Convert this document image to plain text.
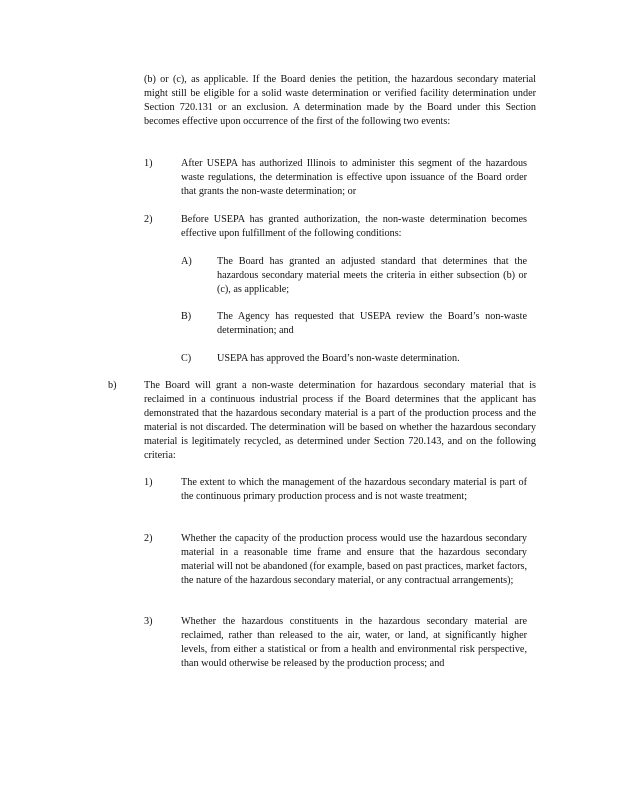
(b) or (c), as applicable. If the Board denies the petition, the hazardous secondary material might still be eligible for a solid waste determination or verified facility determination under Section 720.131 or an exclusion. A determination made by the Board under this Section becomes effective upon occurrence of the first of the following two events:
1)	After USEPA has authorized Illinois to administer this segment of the hazardous waste regulations, the determination is effective upon issuance of the Board order that grants the non-waste determination; or
2)	Before USEPA has granted authorization, the non-waste determination becomes effective upon fulfillment of the following conditions:
A) The Board has granted an adjusted standard that determines that the hazardous secondary material meets the criteria in either subsection (b) or (c), as applicable;
B)	The Agency has requested that USEPA review the Board’s non-waste determination; and
C)	USEPA has approved the Board’s non-waste determination.
b)	The Board will grant a non-waste determination for hazardous secondary material that is reclaimed in a continuous industrial process if the Board determines that the applicant has demonstrated that the hazardous secondary material is a part of the production process and the material is not discarded. The determination will be based on whether the hazardous secondary material is legitimately recycled, as determined under Section 720.143, and on the following criteria:
1)	The extent to which the management of the hazardous secondary material is part of the continuous primary production process and is not waste treatment;
2)	Whether the capacity of the production process would use the hazardous secondary material in a reasonable time frame and ensure that the hazardous secondary material will not be abandoned (for example, based on past practices, market factors, the nature of the hazardous secondary material, or any contractual arrangements);
3)	Whether the hazardous constituents in the hazardous secondary material are reclaimed, rather than released to the air, water, or land, at significantly higher levels, from either a statistical or from a health and environmental risk perspective, than would otherwise be released by the production process; and
